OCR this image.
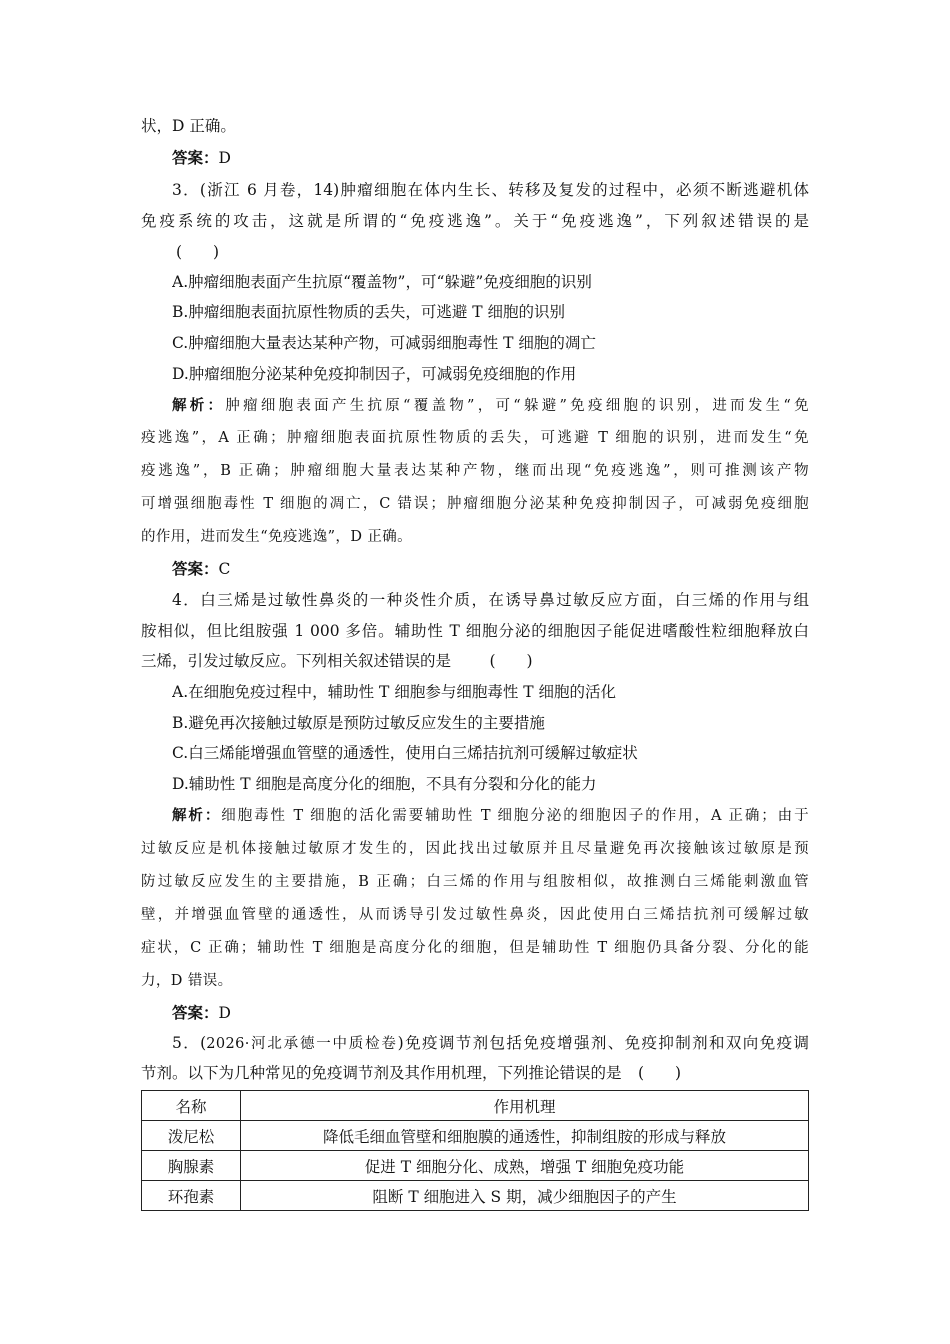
状，D 正确。
答案：D
3．(浙江 6 月卷，14)肿瘤细胞在体内生长、转移及复发的过程中，必须不断逃避机体
免疫系统的攻击，这就是所谓的“免疫逃逸”。关于“免疫逃逸”，下列叙述错误的是
(　　)
A.肿瘤细胞表面产生抗原“覆盖物”，可“躲避”免疫细胞的识别
B.肿瘤细胞表面抗原性物质的丢失，可逃避 T 细胞的识别
C.肿瘤细胞大量表达某种产物，可减弱细胞毒性 T 细胞的凋亡
D.肿瘤细胞分泌某种免疫抑制因子，可减弱免疫细胞的作用
解析：肿瘤细胞表面产生抗原“覆盖物”，可“躲避”免疫细胞的识别，进而发生“免
疫逃逸”，A 正确；肿瘤细胞表面抗原性物质的丢失，可逃避 T 细胞的识别，进而发生“免
疫逃逸”，B 正确；肿瘤细胞大量表达某种产物，继而出现“免疫逃逸”，则可推测该产物
可增强细胞毒性 T 细胞的凋亡，C 错误；肿瘤细胞分泌某种免疫抑制因子，可减弱免疫细胞
的作用，进而发生“免疫逃逸”，D 正确。
答案：C
4．白三烯是过敏性鼻炎的一种炎性介质，在诱导鼻过敏反应方面，白三烯的作用与组
胺相似，但比组胺强 1 000 多倍。辅助性 T 细胞分泌的细胞因子能促进嗜酸性粒细胞释放白
三烯，引发过敏反应。下列相关叙述错误的是 (　　)
A.在细胞免疫过程中，辅助性 T 细胞参与细胞毒性 T 细胞的活化
B.避免再次接触过敏原是预防过敏反应发生的主要措施
C.白三烯能增强血管壁的通透性，使用白三烯拮抗剂可缓解过敏症状
D.辅助性 T 细胞是高度分化的细胞，不具有分裂和分化的能力
解析：细胞毒性 T 细胞的活化需要辅助性 T 细胞分泌的细胞因子的作用，A 正确；由于
过敏反应是机体接触过敏原才发生的，因此找出过敏原并且尽量避免再次接触该过敏原是预
防过敏反应发生的主要措施，B 正确；白三烯的作用与组胺相似，故推测白三烯能刺激血管
壁，并增强血管壁的通透性，从而诱导引发过敏性鼻炎，因此使用白三烯拮抗剂可缓解过敏
症状，C 正确；辅助性 T 细胞是高度分化的细胞，但是辅助性 T 细胞仍具备分裂、分化的能
力，D 错误。
答案：D
5．(2026·河北承德一中质检卷)免疫调节剂包括免疫增强剂、免疫抑制剂和双向免疫调
节剂。以下为几种常见的免疫调节剂及其作用机理，下列推论错误的是 (　　)
名称	作用机理
泼尼松	降低毛细血管壁和细胞膜的通透性，抑制组胺的形成与释放
胸腺素	促进 T 细胞分化、成熟，增强 T 细胞免疫功能
环孢素	阻断 T 细胞进入 S 期，减少细胞因子的产生
